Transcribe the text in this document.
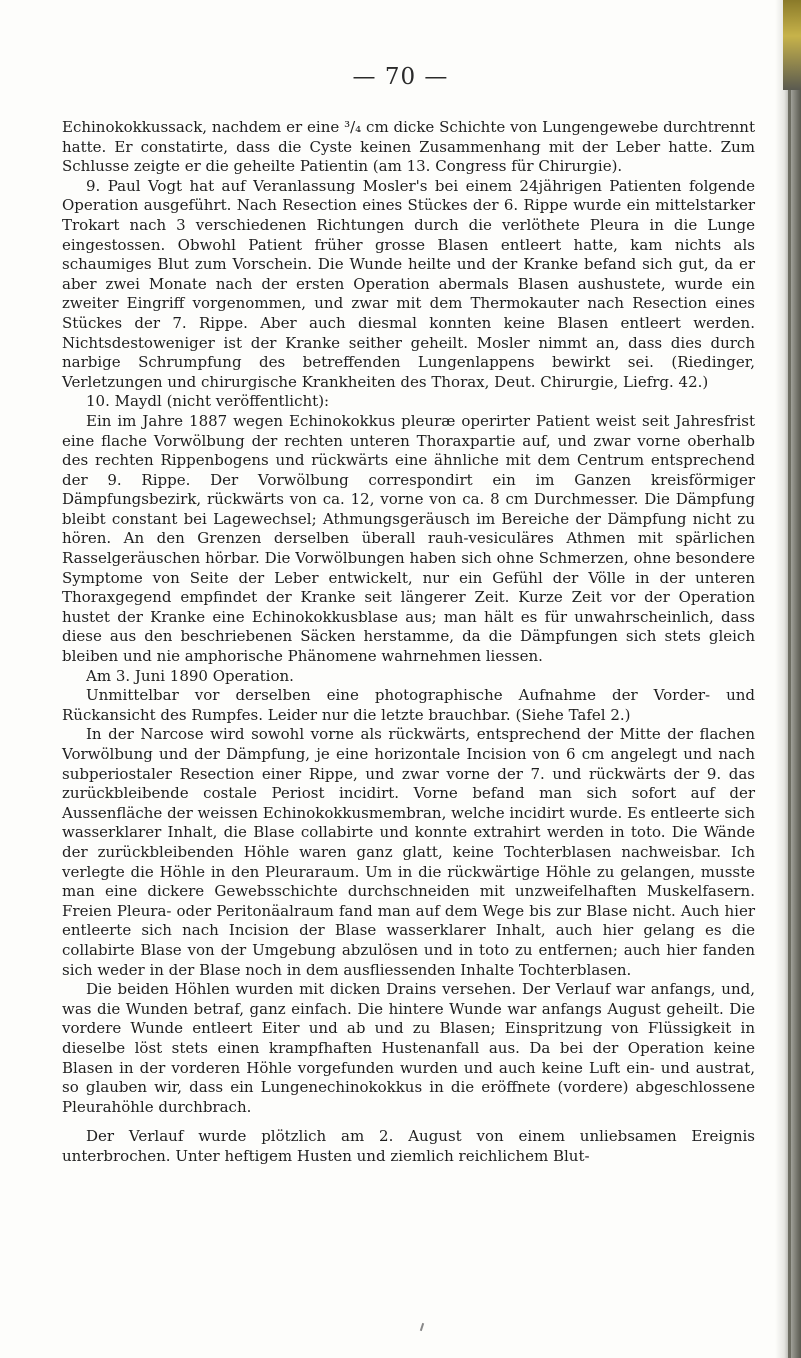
— 70 —

Echinokokkussack, nachdem er eine ³/₄ cm dicke Schichte von Lungengewebe durchtrennt hatte. Er constatirte, dass die Cyste keinen Zusammenhang mit der Leber hatte. Zum Schlusse zeigte er die geheilte Patientin (am 13. Congress für Chirurgie).

9. Paul Vogt hat auf Veranlassung Mosler's bei einem 24jährigen Patienten folgende Operation ausgeführt. Nach Resection eines Stückes der 6. Rippe wurde ein mittelstarker Trokart nach 3 verschiedenen Richtungen durch die verlöthete Pleura in die Lunge eingestossen. Obwohl Patient früher grosse Blasen entleert hatte, kam nichts als schaumiges Blut zum Vorschein. Die Wunde heilte und der Kranke befand sich gut, da er aber zwei Monate nach der ersten Operation abermals Blasen aushustete, wurde ein zweiter Eingriff vorgenommen, und zwar mit dem Thermokauter nach Resection eines Stückes der 7. Rippe. Aber auch diesmal konnten keine Blasen entleert werden. Nichtsdestoweniger ist der Kranke seither geheilt. Mosler nimmt an, dass dies durch narbige Schrumpfung des betreffenden Lungenlappens bewirkt sei. (Riedinger, Verletzungen und chirurgische Krankheiten des Thorax, Deut. Chirurgie, Liefrg. 42.)

10. Maydl (nicht veröffentlicht):

Ein im Jahre 1887 wegen Echinokokkus pleuræ operirter Patient weist seit Jahresfrist eine flache Vorwölbung der rechten unteren Thoraxpartie auf, und zwar vorne oberhalb des rechten Rippenbogens und rückwärts eine ähnliche mit dem Centrum entsprechend der 9. Rippe. Der Vorwölbung correspondirt ein im Ganzen kreisförmiger Dämpfungsbezirk, rückwärts von ca. 12, vorne von ca. 8 cm Durchmesser. Die Dämpfung bleibt constant bei Lagewechsel; Athmungsgeräusch im Bereiche der Dämpfung nicht zu hören. An den Grenzen derselben überall rauh-vesiculäres Athmen mit spärlichen Rasselgeräuschen hörbar. Die Vorwölbungen haben sich ohne Schmerzen, ohne besondere Symptome von Seite der Leber entwickelt, nur ein Gefühl der Völle in der unteren Thoraxgegend empfindet der Kranke seit längerer Zeit. Kurze Zeit vor der Operation hustet der Kranke eine Echinokokkusblase aus; man hält es für unwahrscheinlich, dass diese aus den beschriebenen Säcken herstamme, da die Dämpfungen sich stets gleich bleiben und nie amphorische Phänomene wahrnehmen liessen.

Am 3. Juni 1890 Operation.

Unmittelbar vor derselben eine photographische Aufnahme der Vorder- und Rückansicht des Rumpfes. Leider nur die letzte brauchbar. (Siehe Tafel 2.)

In der Narcose wird sowohl vorne als rückwärts, entsprechend der Mitte der flachen Vorwölbung und der Dämpfung, je eine horizontale Incision von 6 cm angelegt und nach subperiostaler Resection einer Rippe, und zwar vorne der 7. und rückwärts der 9. das zurückbleibende costale Periost incidirt. Vorne befand man sich sofort auf der Aussenfläche der weissen Echinokokkusmembran, welche incidirt wurde. Es entleerte sich wasserklarer Inhalt, die Blase collabirte und konnte extrahirt werden in toto. Die Wände der zurückbleibenden Höhle waren ganz glatt, keine Tochterblasen nachweisbar. Ich verlegte die Höhle in den Pleuraraum. Um in die rückwärtige Höhle zu gelangen, musste man eine dickere Gewebsschichte durchschneiden mit unzweifelhaften Muskelfasern. Freien Pleura- oder Peritonäalraum fand man auf dem Wege bis zur Blase nicht. Auch hier entleerte sich nach Incision der Blase wasserklarer Inhalt, auch hier gelang es die collabirte Blase von der Umgebung abzulösen und in toto zu entfernen; auch hier fanden sich weder in der Blase noch in dem ausfliessenden Inhalte Tochterblasen.

Die beiden Höhlen wurden mit dicken Drains versehen. Der Verlauf war anfangs, und, was die Wunden betraf, ganz einfach. Die hintere Wunde war anfangs August geheilt. Die vordere Wunde entleert Eiter und ab und zu Blasen; Einspritzung von Flüssigkeit in dieselbe löst stets einen krampfhaften Hustenanfall aus. Da bei der Operation keine Blasen in der vorderen Höhle vorgefunden wurden und auch keine Luft ein- und austrat, so glauben wir, dass ein Lungenechinokokkus in die eröffnete (vordere) abgeschlossene Pleurahöhle durchbrach.

Der Verlauf wurde plötzlich am 2. August von einem unliebsamen Ereignis unterbrochen. Unter heftigem Husten und ziemlich reichlichem Blut-
